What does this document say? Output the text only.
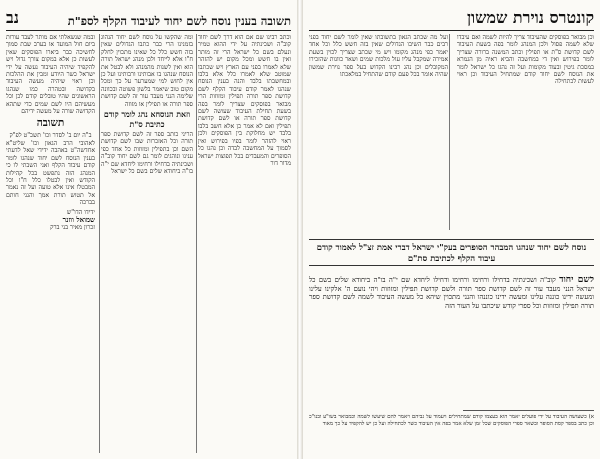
תשובה בענין נוסח לשם יחוד לעיבוד הקלף לספ"ת
נב

וכתב רבינו שם אם הוא דרך לשם יחוד קוב"ה ושכינתיה על ידי ההוא טמיר ונעלם בשם כל ישראל הרי זה מותר ואין בו חשש ומכל מקום יש להזהר שלא לאמרו בפני עם הארץ ויש שכתבו שמוטב שלא לאמרו כלל אלא בלבו ובמחשבתו בלבד והנה בענין הנוסח שנהגו לאמר קודם עיבוד הקלף לשם קדושת ספר תורה תפילין ומזוזות הרי מבואר בפוסקים שצריך לומר בפה בשעת תחילת העיבוד שעושה לשם קדושת ספר תורה או לשם קדושת תפילין ואם לא אמר כן אלא חשב בלבו בלבד יש מחלוקת בין הפוסקים ולכן ראוי להזהר לומר בפיו בפירוש ואין לסמוך על המחשבה לבדה וכן נהגו כל הסופרים והמעבדים בכל תפוצות ישראל מדור דור

ומה שהקשו על נוסח לשם יחוד הנהוג בזמנינו הרי כבר כתבו הגדולים שאין בזה חשש כלל כל שאינו מתכוין לחלק ח"ו אלא לייחד ולכן מנהג ישראל תורה הוא ואין לשנות מהמנהג ולא לבטל את הנוסח שנהגו בו אבותינו ורבותינו ועל כן אין לחוש למי שמערער על כך ומכל מקום טוב שיאמר בלשון פשוטה ובכוונה שלימה הנני מעבד עור זה לשם קדושת ספר תורה או תפילין או מזוזה

וזאת הנוסחא נהג לומר קודם כתיבת ס"ת

הריני כותב ספר זה לשם קדושת ספר תורה וכל האזכרות שבו לשם קדושת השם וכן בתפילין ומזוזות כל אחד כפי ענינו ונוהגים לומר גם לשם יחוד קוב"ה ושכינתיה בדחילו ורחימו ליחדא שם י"ה בו"ה ביחודא שלים בשם כל ישראל

ובמה שנשאלתי אם מותר לעבד עורות ביום חול המועד או בערב שבת סמוך לחשיכה כבר ביארו הפוסקים שאין לעשות כן אלא במקום צורך גדול ויש להקפיד שיהיה העיבוד נעשה על ידי ישראל כשר היודע ומבין את ההלכות וכן ראוי שיהיה מעשה העיבוד בקדושה ובטהרה כמו שנהגו הראשונים שהיו טובלים קודם לכן וכל מעשיהם היו לשם שמים כדי שתהא הקדושה שורה על מעשה ידיהם

תשובה

ב"ה יום ב' לסדר וכו' תשכ"ט לפ"ק

לאהובי הרב הגאון וכו' שליט"א אחדשה"ט באהבה ידידי שאל לדעתי בענין הנוסח לשם יחוד שנהגו לומר קודם עיבוד הקלף ואני השבתי לו כי המנהג הזה נתפשט בכל קהילות הקודש ואין לבטלו כלל ח"ו וכל המבטלו אינו אלא טועה ועל זה נאמר אל תטוש תורת אמך והנני חותם בברכה

ידידו הדו"ש
שמואל ווזנר
זכרון מאיר בני ברק
קונטרס נוירת שמשון

וכן מבואר בפוסקים שהעיבוד צריך להיות לשמה ואם עיבדו שלא לשמה פסול ולכן המנהג לומר בפה בשעת העיבוד לשם קדושת ס"ת או תפילין וכתב המשנה ברורה שצריך לומר בפירוש ואין די במחשבה והביא ראיה מן הגמרא במסכת גיטין ובעוד מקומות ועל זה נהגו כל ישראל לומר את הנוסח לשם יחוד קודם שמתחיל העיבוד וכן ראוי לעשות לכתחילה

ועל מה שכתב הגאון בתשובתו שאין לומר לשם יחוד בפני רבים כבר השיבו הגדולים שאין בזה חשש כלל וכל אחד יאמר כפי מנהג מקומו ויש מי שכתב שצריך לכוין בשעת אמירה שמקבל עליו עול מלכות שמים ושאר כוונות שהזכירו המקובלים וכן נהג רבינו הקדוש בעל ספר נוירת שמשון שהיה אומר בכל פעם קודם שהתחיל במלאכתו

נוסח לשם יחוד שנהגו המבהר הסופרים בעק"י ישראל דברי אמת זצ"ל לאמור קודם עיבוד הקלף לכתיבת סת"ם

לשם יחוד קוב"ה ושכינתיה בדחילו ורחימו ורחימו ודחילו ליחדא שם י"ה בו"ה ביחודא שלים בשם כל ישראל הנני מעבד עור זה לשם קדושת ספר תורה ולשם קדושת תפילין ומזוזות ויהי נועם ה' אלקינו עלינו ומעשה ידינו כוננה עלינו ומעשה ידינו כוננהו והנני מתכוין שיהא כל מעשה העיבוד לשמה לשם קדושת ספר תורה תפילין ומזוזות וכל ספרי קודש שיכתבו על העור הזה

א) כשעושה העיבוד על ידי פועלים יאמר הוא בעצמו קודם שמתחילים ויעמוד על גביהם ויאמר להם שיעשו לשמה וכמבואר בשו"ע ובנו"כ וכן כתב בספר קסת הסופר ובשאר ספרי הפוסקים שכל זמן שלא אמר בפה אין העיבוד כשר לכתחילה ועל כן יש להקפיד על כך מאוד
